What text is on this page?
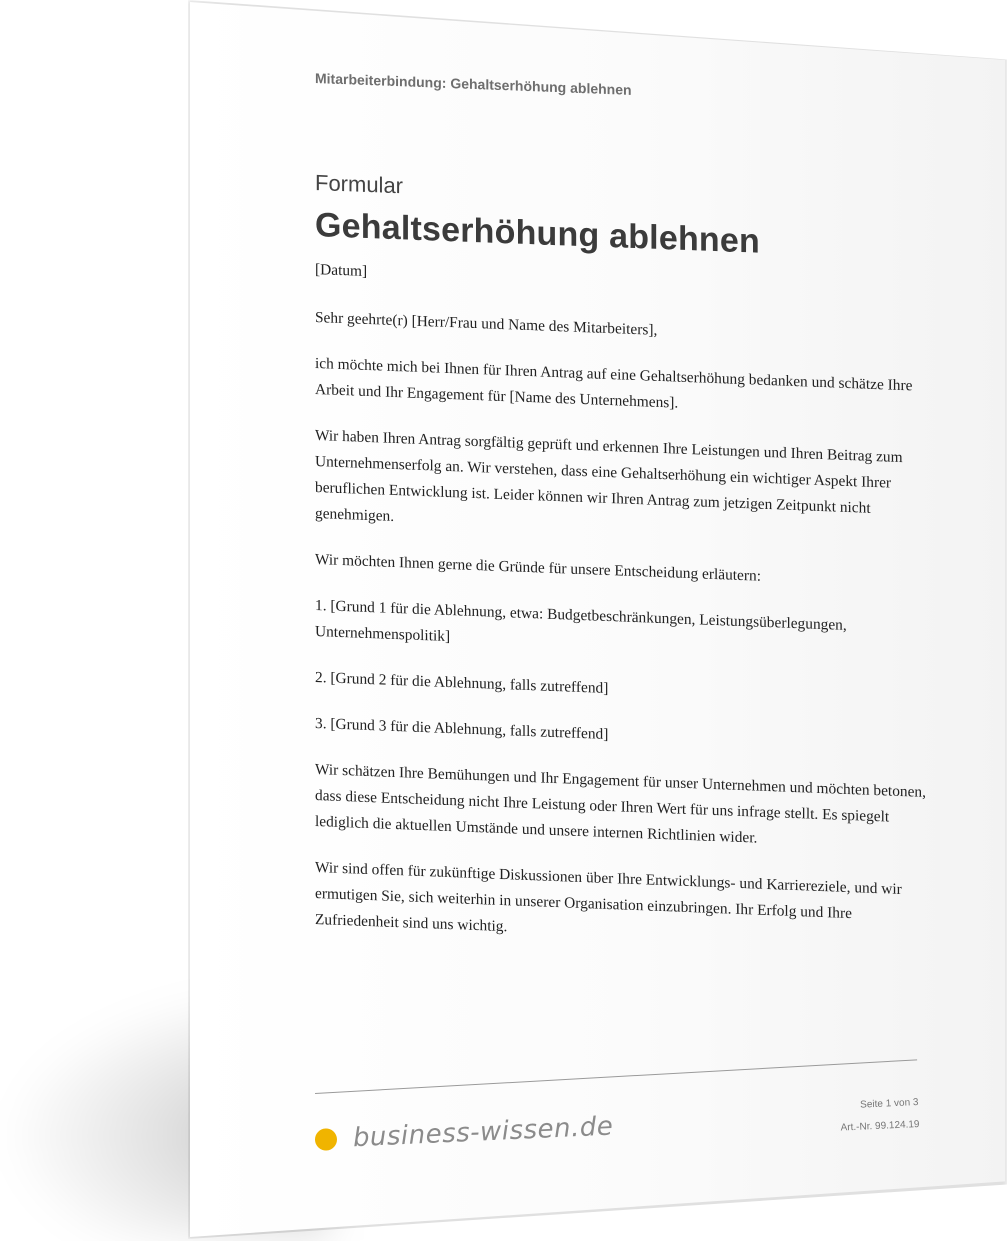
Mitarbeiterbindung: Gehaltserhöhung ablehnen
Formular
Gehaltserhöhung ablehnen
[Datum]
Sehr geehrte(r) [Herr/Frau und Name des Mitarbeiters],
ich möchte mich bei Ihnen für Ihren Antrag auf eine Gehaltserhöhung bedanken und schätze Ihre Arbeit und Ihr Engagement für [Name des Unternehmens].
Wir haben Ihren Antrag sorgfältig geprüft und erkennen Ihre Leistungen und Ihren Beitrag zum Unternehmenserfolg an. Wir verstehen, dass eine Gehaltserhöhung ein wichtiger Aspekt Ihrer beruflichen Entwicklung ist. Leider können wir Ihren Antrag zum jetzigen Zeitpunkt nicht genehmigen.
Wir möchten Ihnen gerne die Gründe für unsere Entscheidung erläutern:
1. [Grund 1 für die Ablehnung, etwa: Budgetbeschränkungen, Leistungsüberlegungen, Unternehmenspolitik]
2. [Grund 2 für die Ablehnung, falls zutreffend]
3. [Grund 3 für die Ablehnung, falls zutreffend]
Wir schätzen Ihre Bemühungen und Ihr Engagement für unser Unternehmen und möchten betonen, dass diese Entscheidung nicht Ihre Leistung oder Ihren Wert für uns infrage stellt. Es spiegelt lediglich die aktuellen Umstände und unsere internen Richtlinien wider.
Wir sind offen für zukünftige Diskussionen über Ihre Entwicklungs- und Karriereziele, und wir ermutigen Sie, sich weiterhin in unserer Organisation einzubringen. Ihr Erfolg und Ihre Zufriedenheit sind uns wichtig.
business-wissen.de
Seite 1 von 3
Art.-Nr. 99.124.19
